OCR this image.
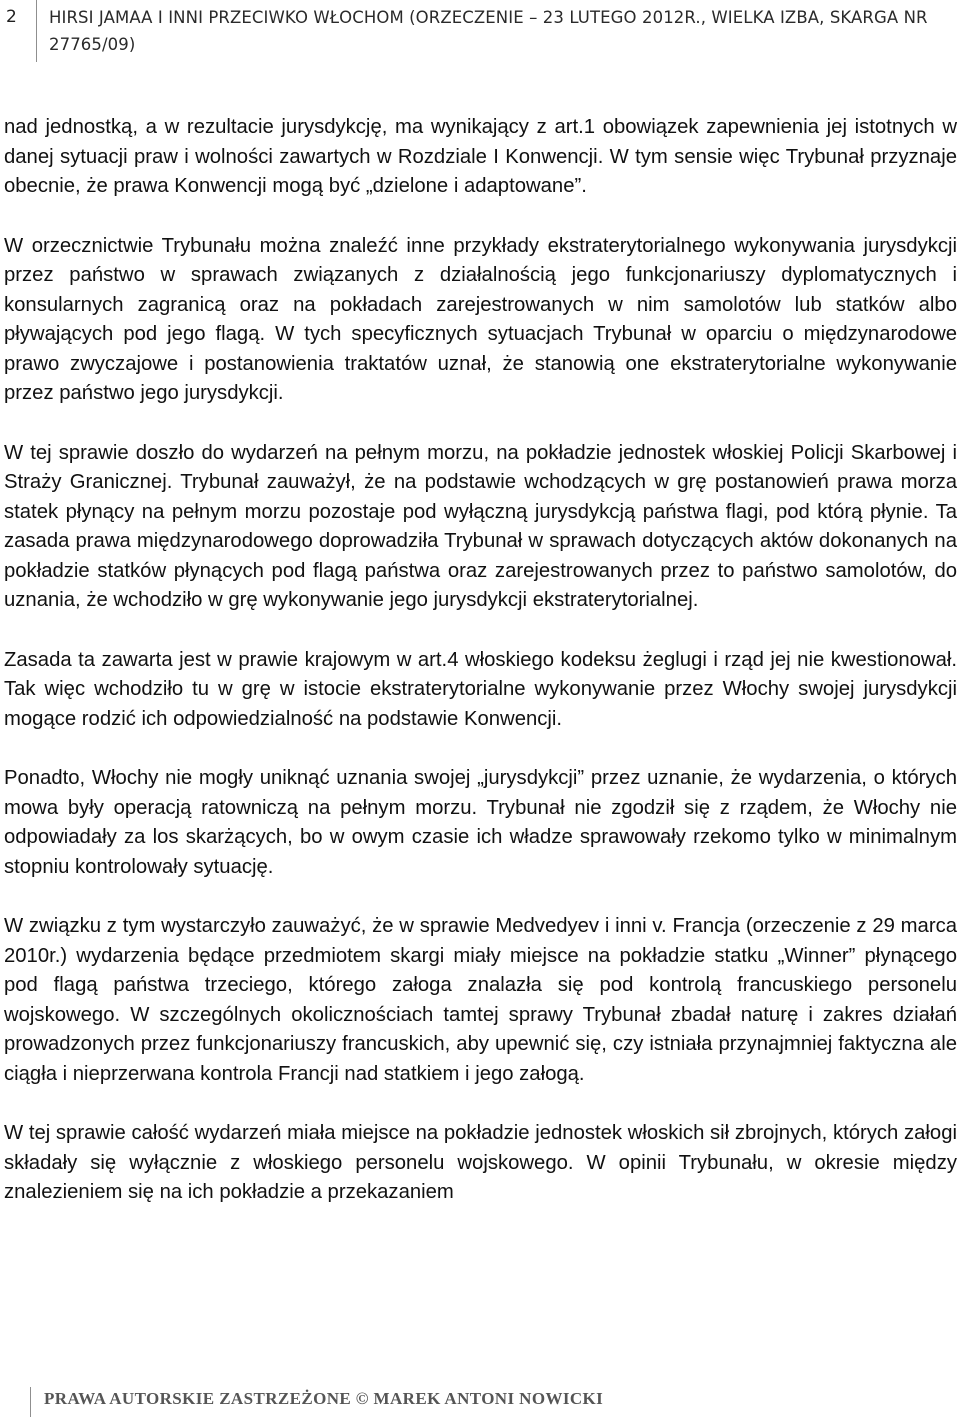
2 HIRSI JAMAA I INNI PRZECIWKO WŁOCHOM (ORZECZENIE – 23 LUTEGO 2012R., WIELKA IZBA, SKARGA NR 27765/09)

nad jednostką, a w rezultacie jurysdykcję, ma wynikający z art.1 obowiązek zapewnienia jej istotnych w danej sytuacji praw i wolności zawartych w Rozdziale I Konwencji. W tym sensie więc Trybunał przyznaje obecnie, że prawa Konwencji mogą być „dzielone i adaptowane”.

W orzecznictwie Trybunału można znaleźć inne przykłady ekstraterytorialnego wykonywania jurysdykcji przez państwo w sprawach związanych z działalnością jego funkcjonariuszy dyplomatycznych i konsularnych zagranicą oraz na pokładach zarejestrowanych w nim samolotów lub statków albo pływających pod jego flagą. W tych specyficznych sytuacjach Trybunał w oparciu o międzynarodowe prawo zwyczajowe i postanowienia traktatów uznał, że stanowią one ekstraterytorialne wykonywanie przez państwo jego jurysdykcji.

W tej sprawie doszło do wydarzeń na pełnym morzu, na pokładzie jednostek włoskiej Policji Skarbowej i Straży Granicznej. Trybunał zauważył, że na podstawie wchodzących w grę postanowień prawa morza statek płynący na pełnym morzu pozostaje pod wyłączną jurysdykcją państwa flagi, pod którą płynie. Ta zasada prawa międzynarodowego doprowadziła Trybunał w sprawach dotyczących aktów dokonanych na pokładzie statków płynących pod flagą państwa oraz zarejestrowanych przez to państwo samolotów, do uznania, że wchodziło w grę wykonywanie jego jurysdykcji ekstraterytorialnej.

Zasada ta zawarta jest w prawie krajowym w art.4 włoskiego kodeksu żeglugi i rząd jej nie kwestionował. Tak więc wchodziło tu w grę w istocie ekstraterytorialne wykonywanie przez Włochy swojej jurysdykcji mogące rodzić ich odpowiedzialność na podstawie Konwencji.

Ponadto, Włochy nie mogły uniknąć uznania swojej „jurysdykcji” przez uznanie, że wydarzenia, o których mowa były operacją ratowniczą na pełnym morzu. Trybunał nie zgodził się z rządem, że Włochy nie odpowiadały za los skarżących, bo w owym czasie ich władze sprawowały rzekomo tylko w minimalnym stopniu kontrolowały sytuację.

W związku z tym wystarczyło zauważyć, że w sprawie Medvedyev i inni v. Francja (orzeczenie z 29 marca 2010r.) wydarzenia będące przedmiotem skargi miały miejsce na pokładzie statku „Winner” płynącego pod flagą państwa trzeciego, którego załoga znalazła się pod kontrolą francuskiego personelu wojskowego. W szczególnych okolicznościach tamtej sprawy Trybunał zbadał naturę i zakres działań prowadzonych przez funkcjonariuszy francuskich, aby upewnić się, czy istniała przynajmniej faktyczna ale ciągła i nieprzerwana kontrola Francji nad statkiem i jego załogą.

W tej sprawie całość wydarzeń miała miejsce na pokładzie jednostek włoskich sił zbrojnych, których załogi składały się wyłącznie z włoskiego personelu wojskowego. W opinii Trybunału, w okresie między znalezieniem się na ich pokładzie a przekazaniem

PRAWA AUTORSKIE ZASTRZEŻONE © MAREK ANTONI NOWICKI
